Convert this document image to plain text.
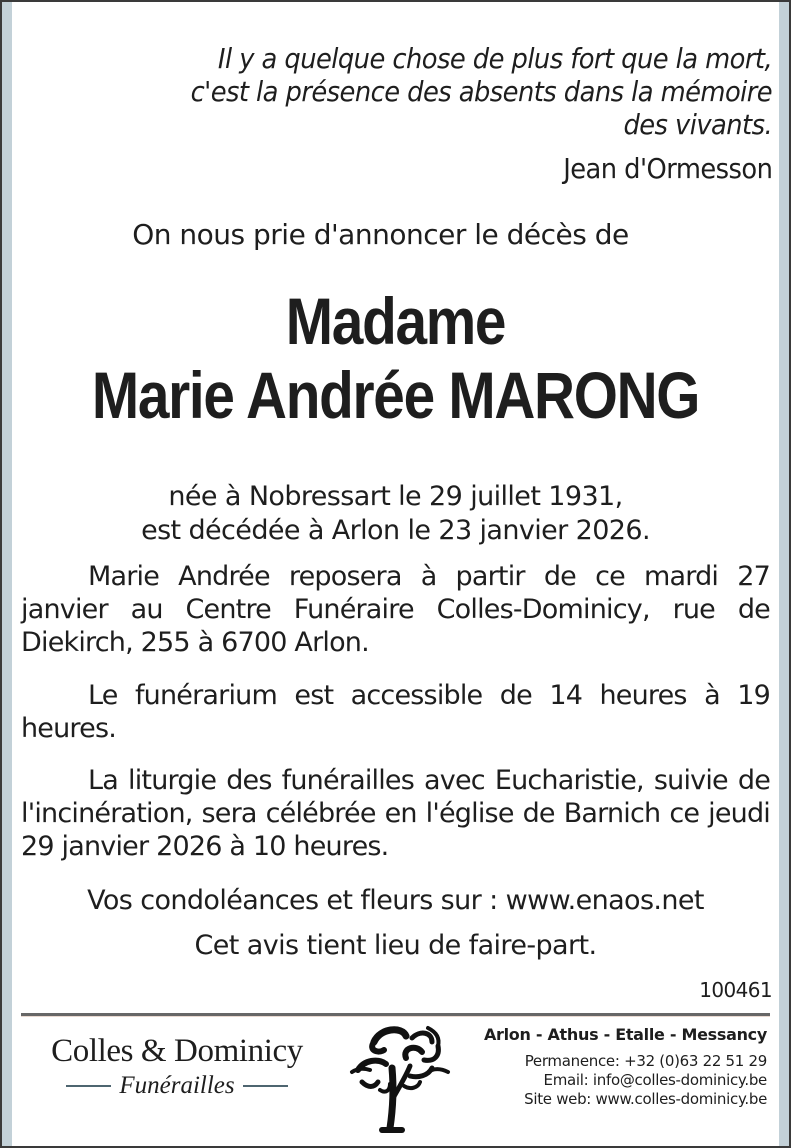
Il y a quelque chose de plus fort que la mort,
c'est la présence des absents dans la mémoire
des vivants.
Jean d'Ormesson
On nous prie d'annoncer le décès de
Madame
Marie Andrée MARONG
née à Nobressart le 29 juillet 1931,
est décédée à Arlon le 23 janvier 2026.
Marie Andrée reposera à partir de ce mardi 27 janvier au Centre Funéraire Colles-Dominicy, rue de Diekirch, 255 à 6700 Arlon.
Le funérarium est accessible de 14 heures à 19 heures.
La liturgie des funérailles avec Eucharistie, suivie de l'incinération, sera célébrée en l'église de Barnich ce jeudi 29 janvier 2026 à 10 heures.
Vos condoléances et fleurs sur : www.enaos.net
Cet avis tient lieu de faire-part.
100461
Colles & Dominicy
Funérailles
Arlon - Athus - Etalle - Messancy
Permanence: +32 (0)63 22 51 29
Email: info@colles-dominicy.be
Site web: www.colles-dominicy.be
